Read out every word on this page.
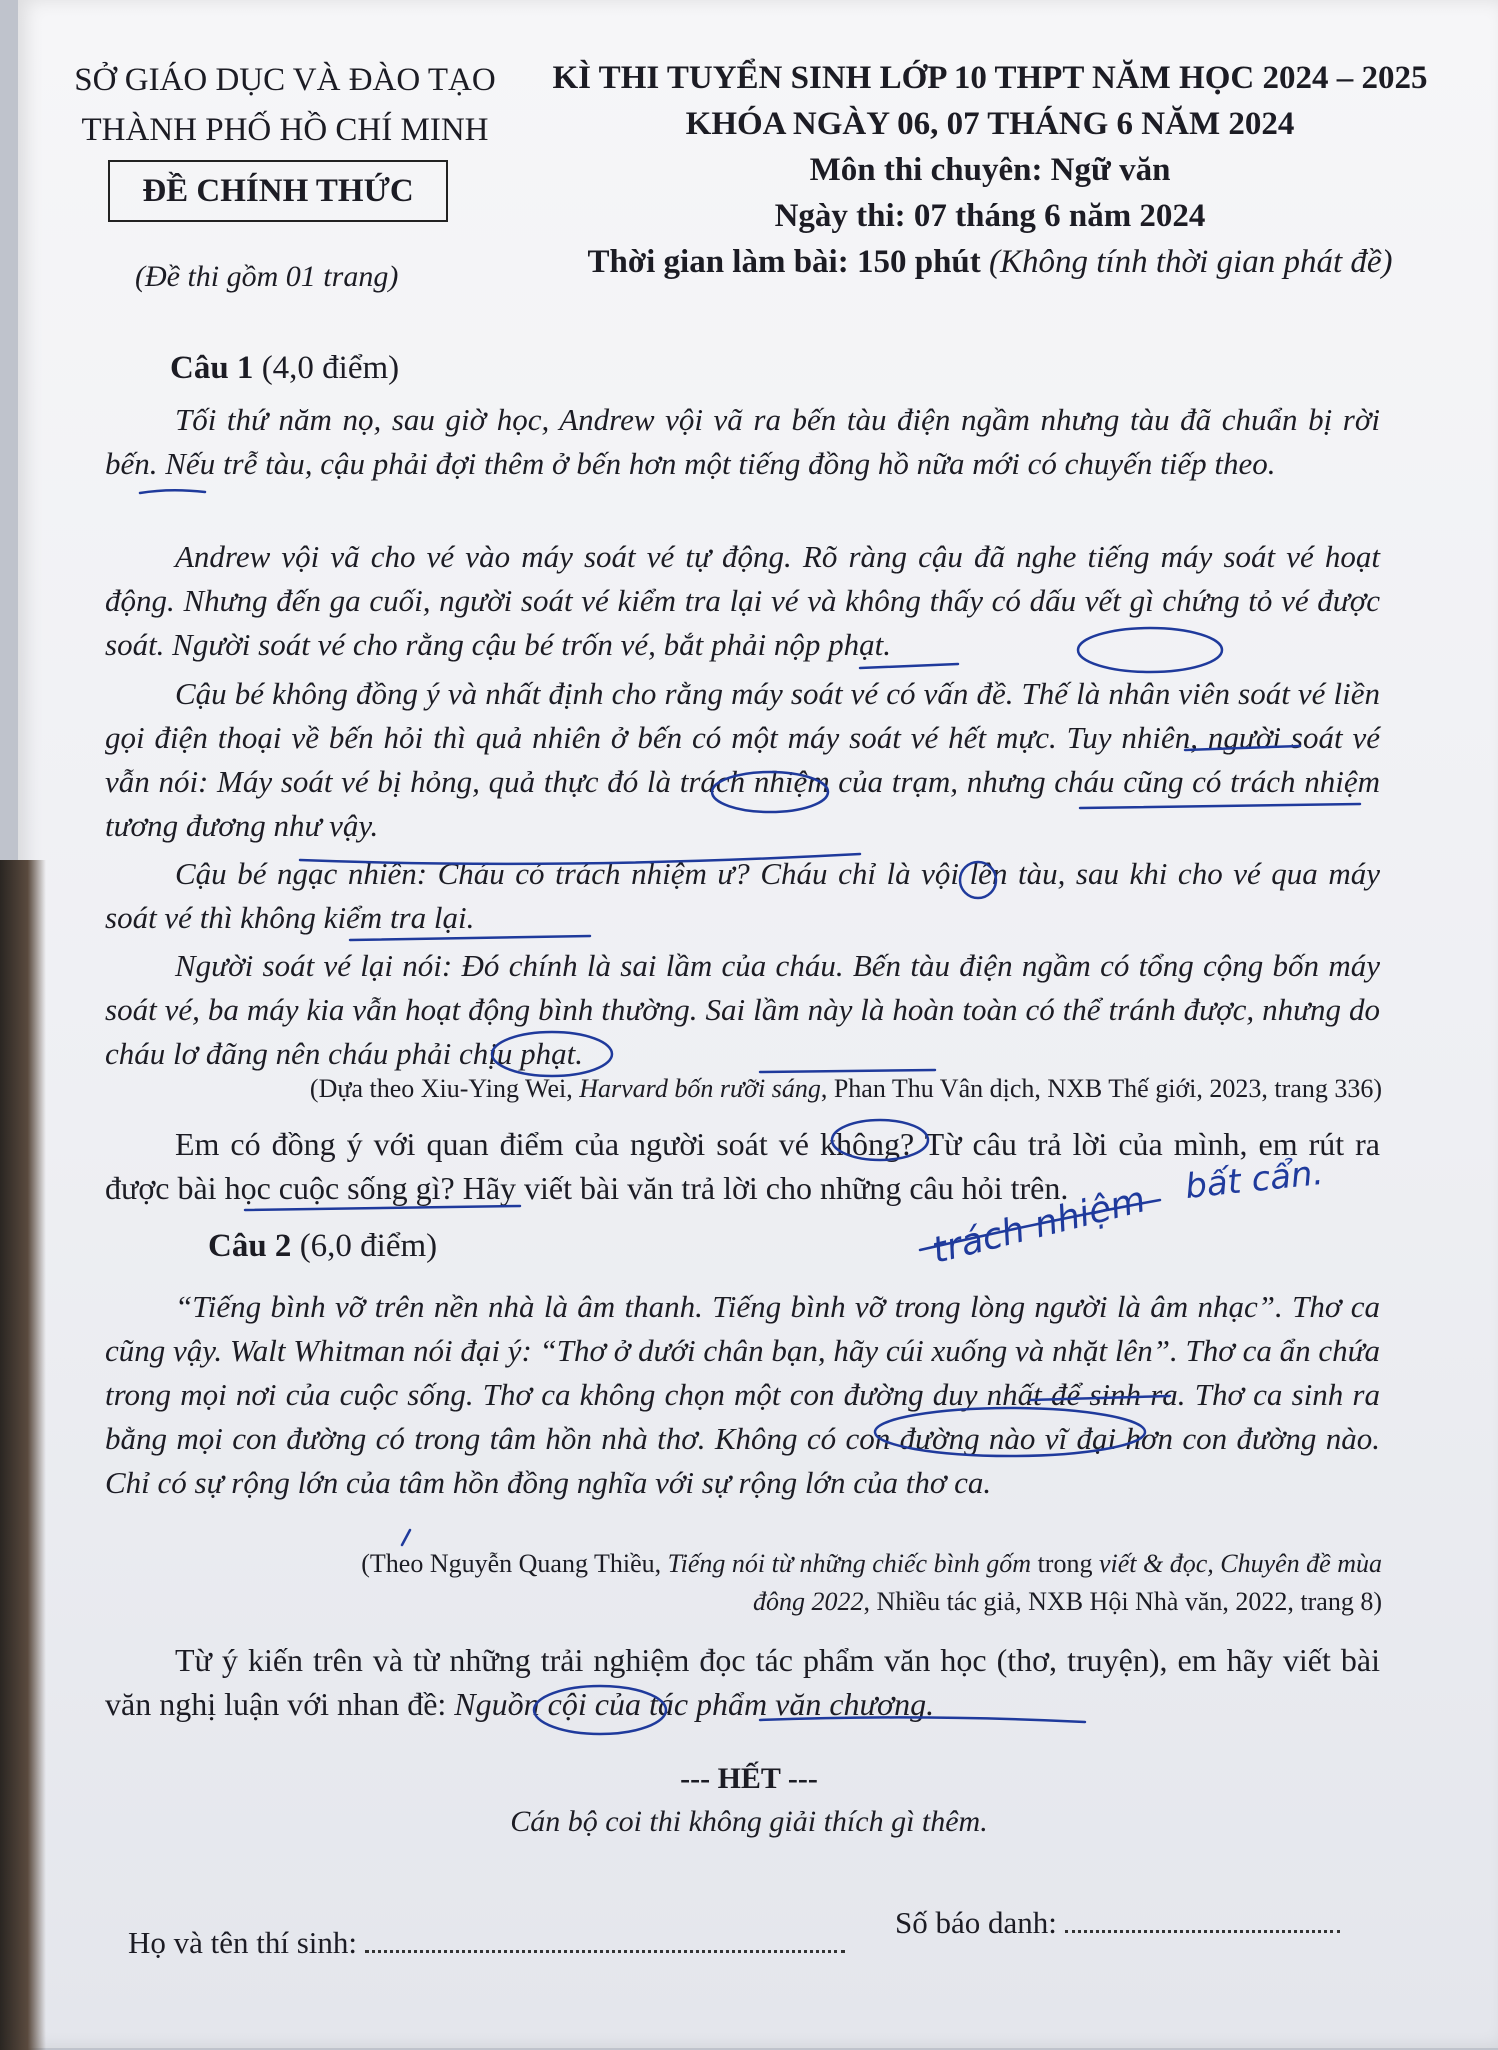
SỞ GIÁO DỤC VÀ ĐÀO TẠO
THÀNH PHỐ HỒ CHÍ MINH
ĐỀ CHÍNH THỨC
(Đề thi gồm 01 trang)
KÌ THI TUYỂN SINH LỚP 10 THPT NĂM HỌC 2024 – 2025
KHÓA NGÀY 06, 07 THÁNG 6 NĂM 2024
Môn thi chuyên: Ngữ văn
Ngày thi: 07 tháng 6 năm 2024
Thời gian làm bài: 150 phút (Không tính thời gian phát đề)
Câu 1 (4,0 điểm)
Tối thứ năm nọ, sau giờ học, Andrew vội vã ra bến tàu điện ngầm nhưng tàu đã chuẩn bị rời bến. Nếu trễ tàu, cậu phải đợi thêm ở bến hơn một tiếng đồng hồ nữa mới có chuyến tiếp theo.
Andrew vội vã cho vé vào máy soát vé tự động. Rõ ràng cậu đã nghe tiếng máy soát vé hoạt động. Nhưng đến ga cuối, người soát vé kiểm tra lại vé và không thấy có dấu vết gì chứng tỏ vé được soát. Người soát vé cho rằng cậu bé trốn vé, bắt phải nộp phạt.
Cậu bé không đồng ý và nhất định cho rằng máy soát vé có vấn đề. Thế là nhân viên soát vé liền gọi điện thoại về bến hỏi thì quả nhiên ở bến có một máy soát vé hết mực. Tuy nhiên, người soát vé vẫn nói: Máy soát vé bị hỏng, quả thực đó là trách nhiệm của trạm, nhưng cháu cũng có trách nhiệm tương đương như vậy.
Cậu bé ngạc nhiên: Cháu có trách nhiệm ư? Cháu chỉ là vội lên tàu, sau khi cho vé qua máy soát vé thì không kiểm tra lại.
Người soát vé lại nói: Đó chính là sai lầm của cháu. Bến tàu điện ngầm có tổng cộng bốn máy soát vé, ba máy kia vẫn hoạt động bình thường. Sai lầm này là hoàn toàn có thể tránh được, nhưng do cháu lơ đãng nên cháu phải chịu phạt.
(Dựa theo Xiu-Ying Wei, Harvard bốn rưỡi sáng, Phan Thu Vân dịch, NXB Thế giới, 2023, trang 336)
Em có đồng ý với quan điểm của người soát vé không? Từ câu trả lời của mình, em rút ra được bài học cuộc sống gì? Hãy viết bài văn trả lời cho những câu hỏi trên.
Câu 2 (6,0 điểm)
“Tiếng bình vỡ trên nền nhà là âm thanh. Tiếng bình vỡ trong lòng người là âm nhạc”. Thơ ca cũng vậy. Walt Whitman nói đại ý: “Thơ ở dưới chân bạn, hãy cúi xuống và nhặt lên”. Thơ ca ẩn chứa trong mọi nơi của cuộc sống. Thơ ca không chọn một con đường duy nhất để sinh ra. Thơ ca sinh ra bằng mọi con đường có trong tâm hồn nhà thơ. Không có con đường nào vĩ đại hơn con đường nào. Chỉ có sự rộng lớn của tâm hồn đồng nghĩa với sự rộng lớn của thơ ca.
(Theo Nguyễn Quang Thiều, Tiếng nói từ những chiếc bình gốm trong viết & đọc, Chuyên đề mùa
đông 2022, Nhiều tác giả, NXB Hội Nhà văn, 2022, trang 8)
Từ ý kiến trên và từ những trải nghiệm đọc tác phẩm văn học (thơ, truyện), em hãy viết bài văn nghị luận với nhan đề: Nguồn cội của tác phẩm văn chương.
--- HẾT ---
Cán bộ coi thi không giải thích gì thêm.
Họ và tên thí sinh:
Số báo danh:
bất cẩn.
trách nhiệm
